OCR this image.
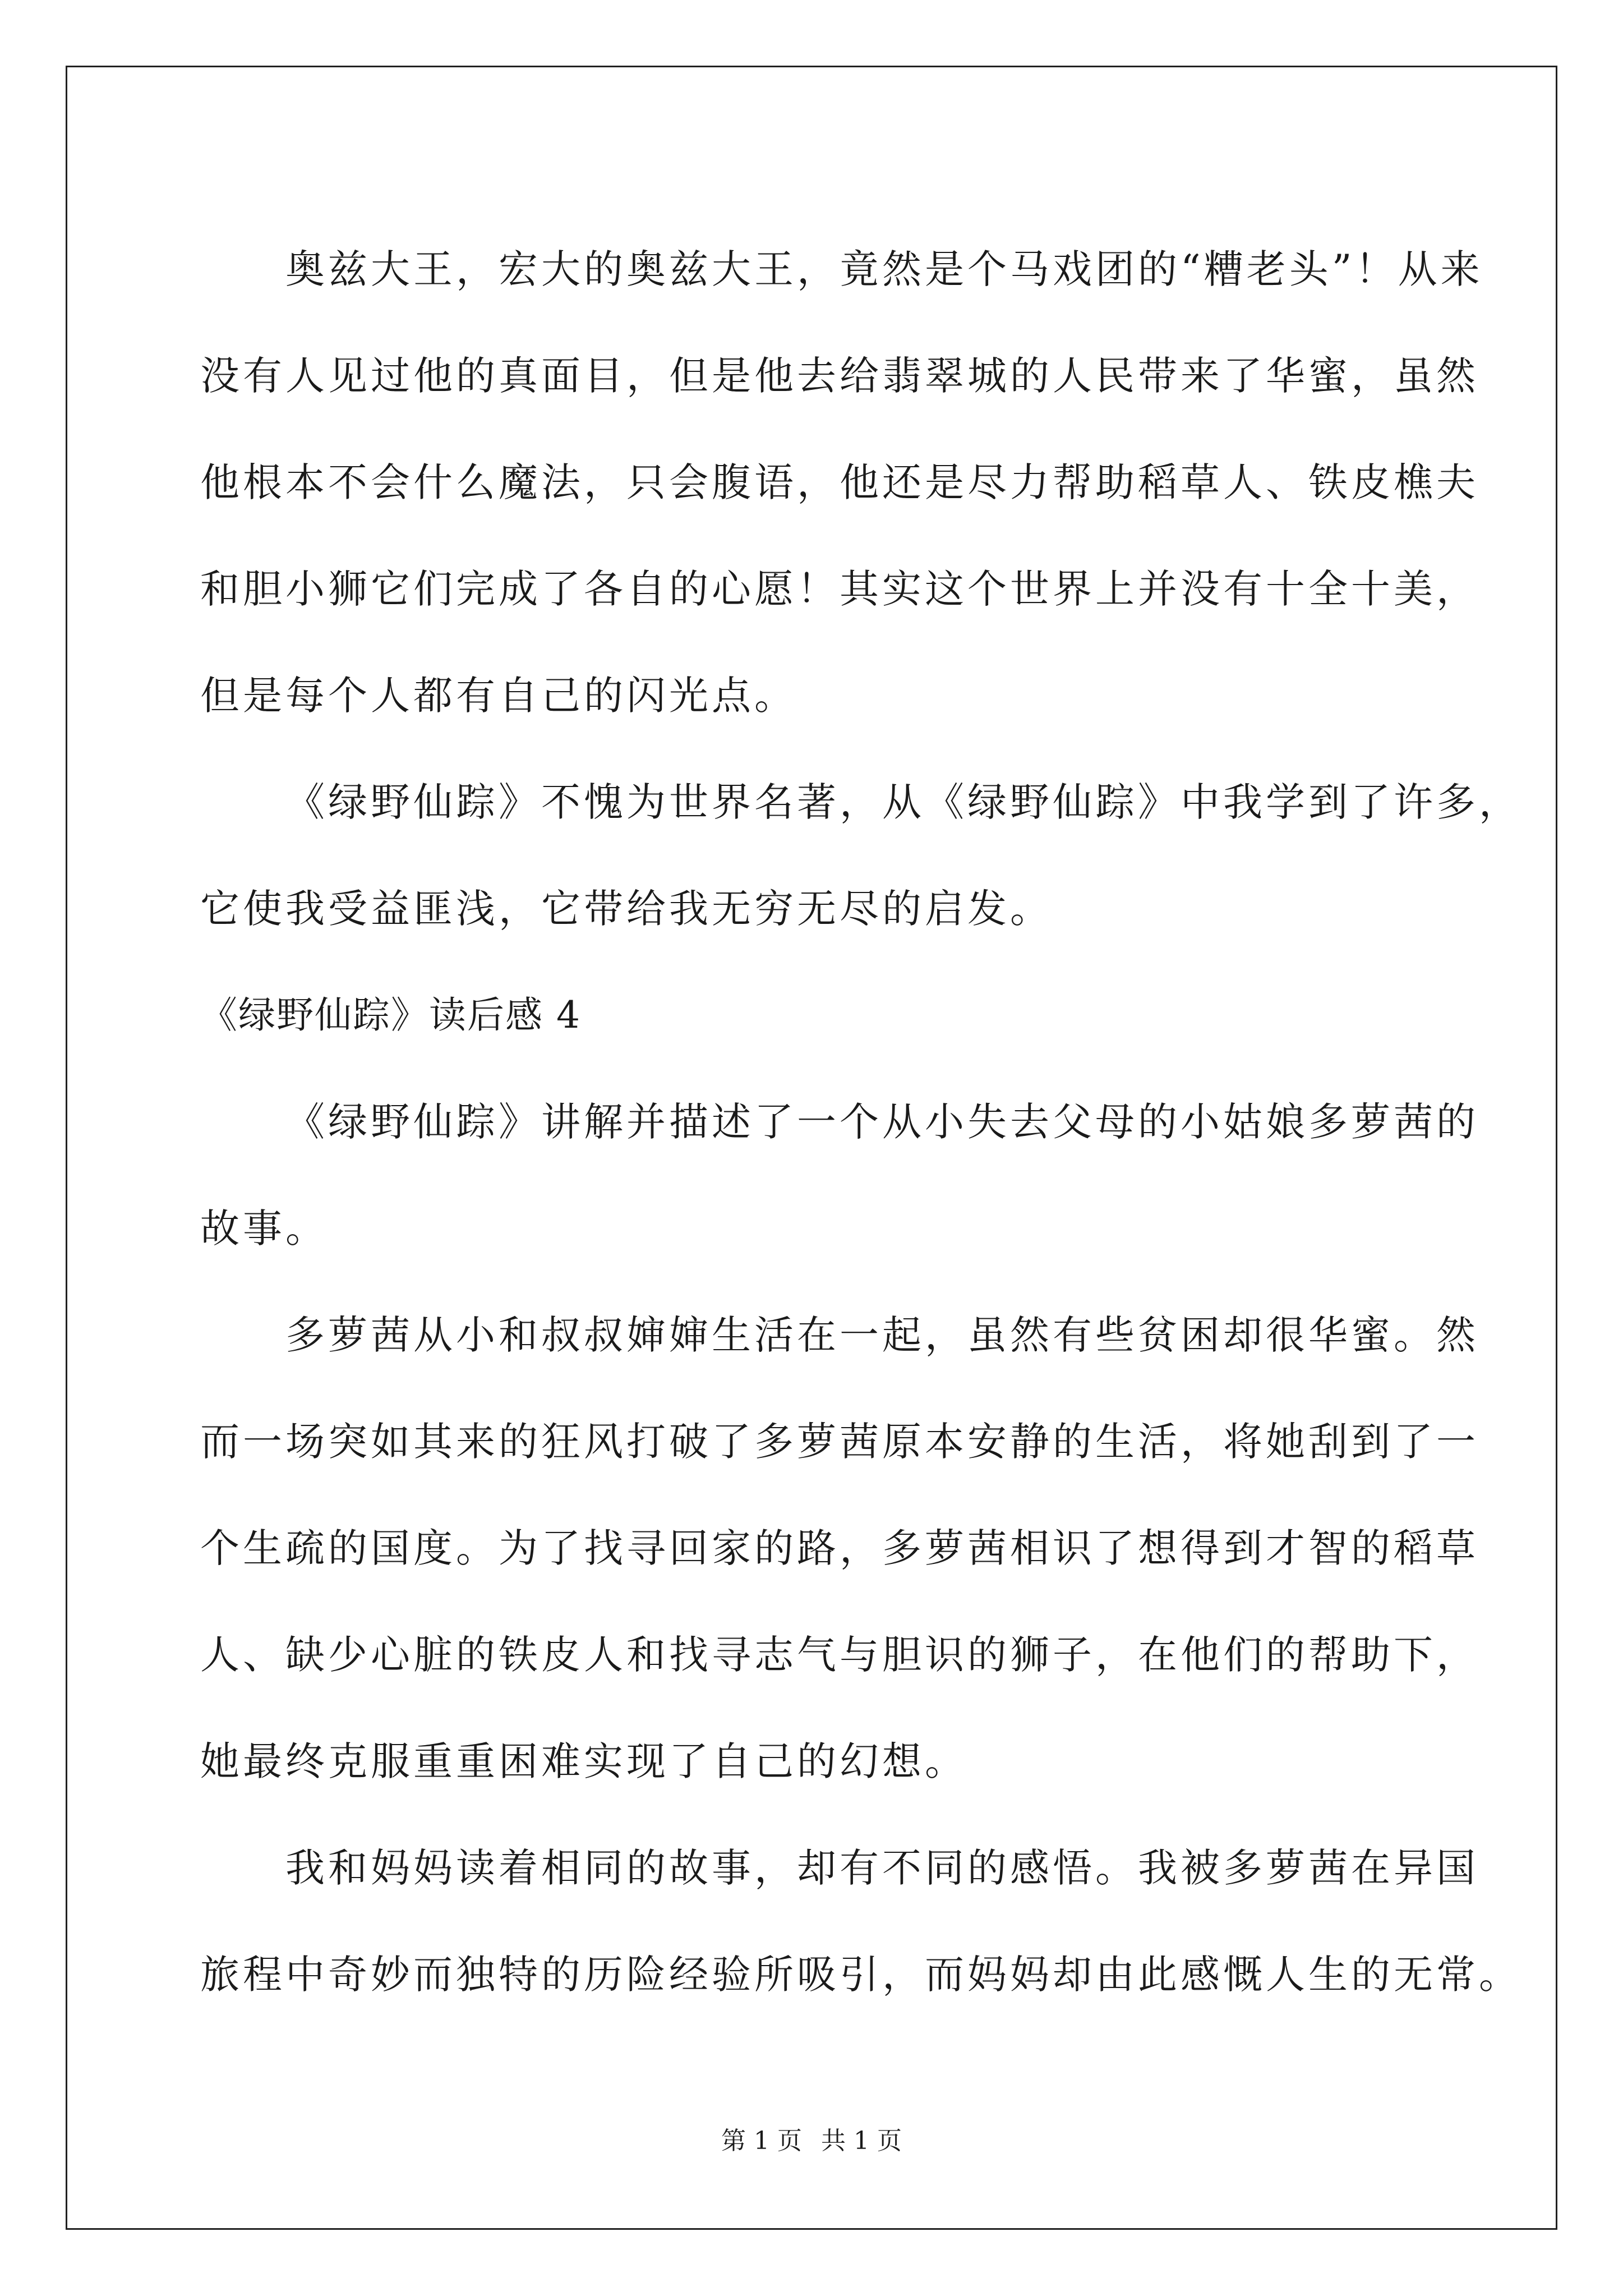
奥兹大王，宏大的奥兹大王，竟然是个马戏团的“糟老头”！从来
没有人见过他的真面目，但是他去给翡翠城的人民带来了华蜜，虽然
他根本不会什么魔法，只会腹语，他还是尽力帮助稻草人、铁皮樵夫
和胆小狮它们完成了各自的心愿！其实这个世界上并没有十全十美，
但是每个人都有自己的闪光点。
《绿野仙踪》不愧为世界名著，从《绿野仙踪》中我学到了许多，
它使我受益匪浅，它带给我无穷无尽的启发。
《绿野仙踪》读后感 4
《绿野仙踪》讲解并描述了一个从小失去父母的小姑娘多萝茜的
故事。
多萝茜从小和叔叔婶婶生活在一起，虽然有些贫困却很华蜜。然
而一场突如其来的狂风打破了多萝茜原本安静的生活，将她刮到了一
个生疏的国度。为了找寻回家的路，多萝茜相识了想得到才智的稻草
人、缺少心脏的铁皮人和找寻志气与胆识的狮子，在他们的帮助下，
她最终克服重重困难实现了自己的幻想。
我和妈妈读着相同的故事，却有不同的感悟。我被多萝茜在异国
旅程中奇妙而独特的历险经验所吸引，而妈妈却由此感慨人生的无常。
第 1 页 共 1 页
